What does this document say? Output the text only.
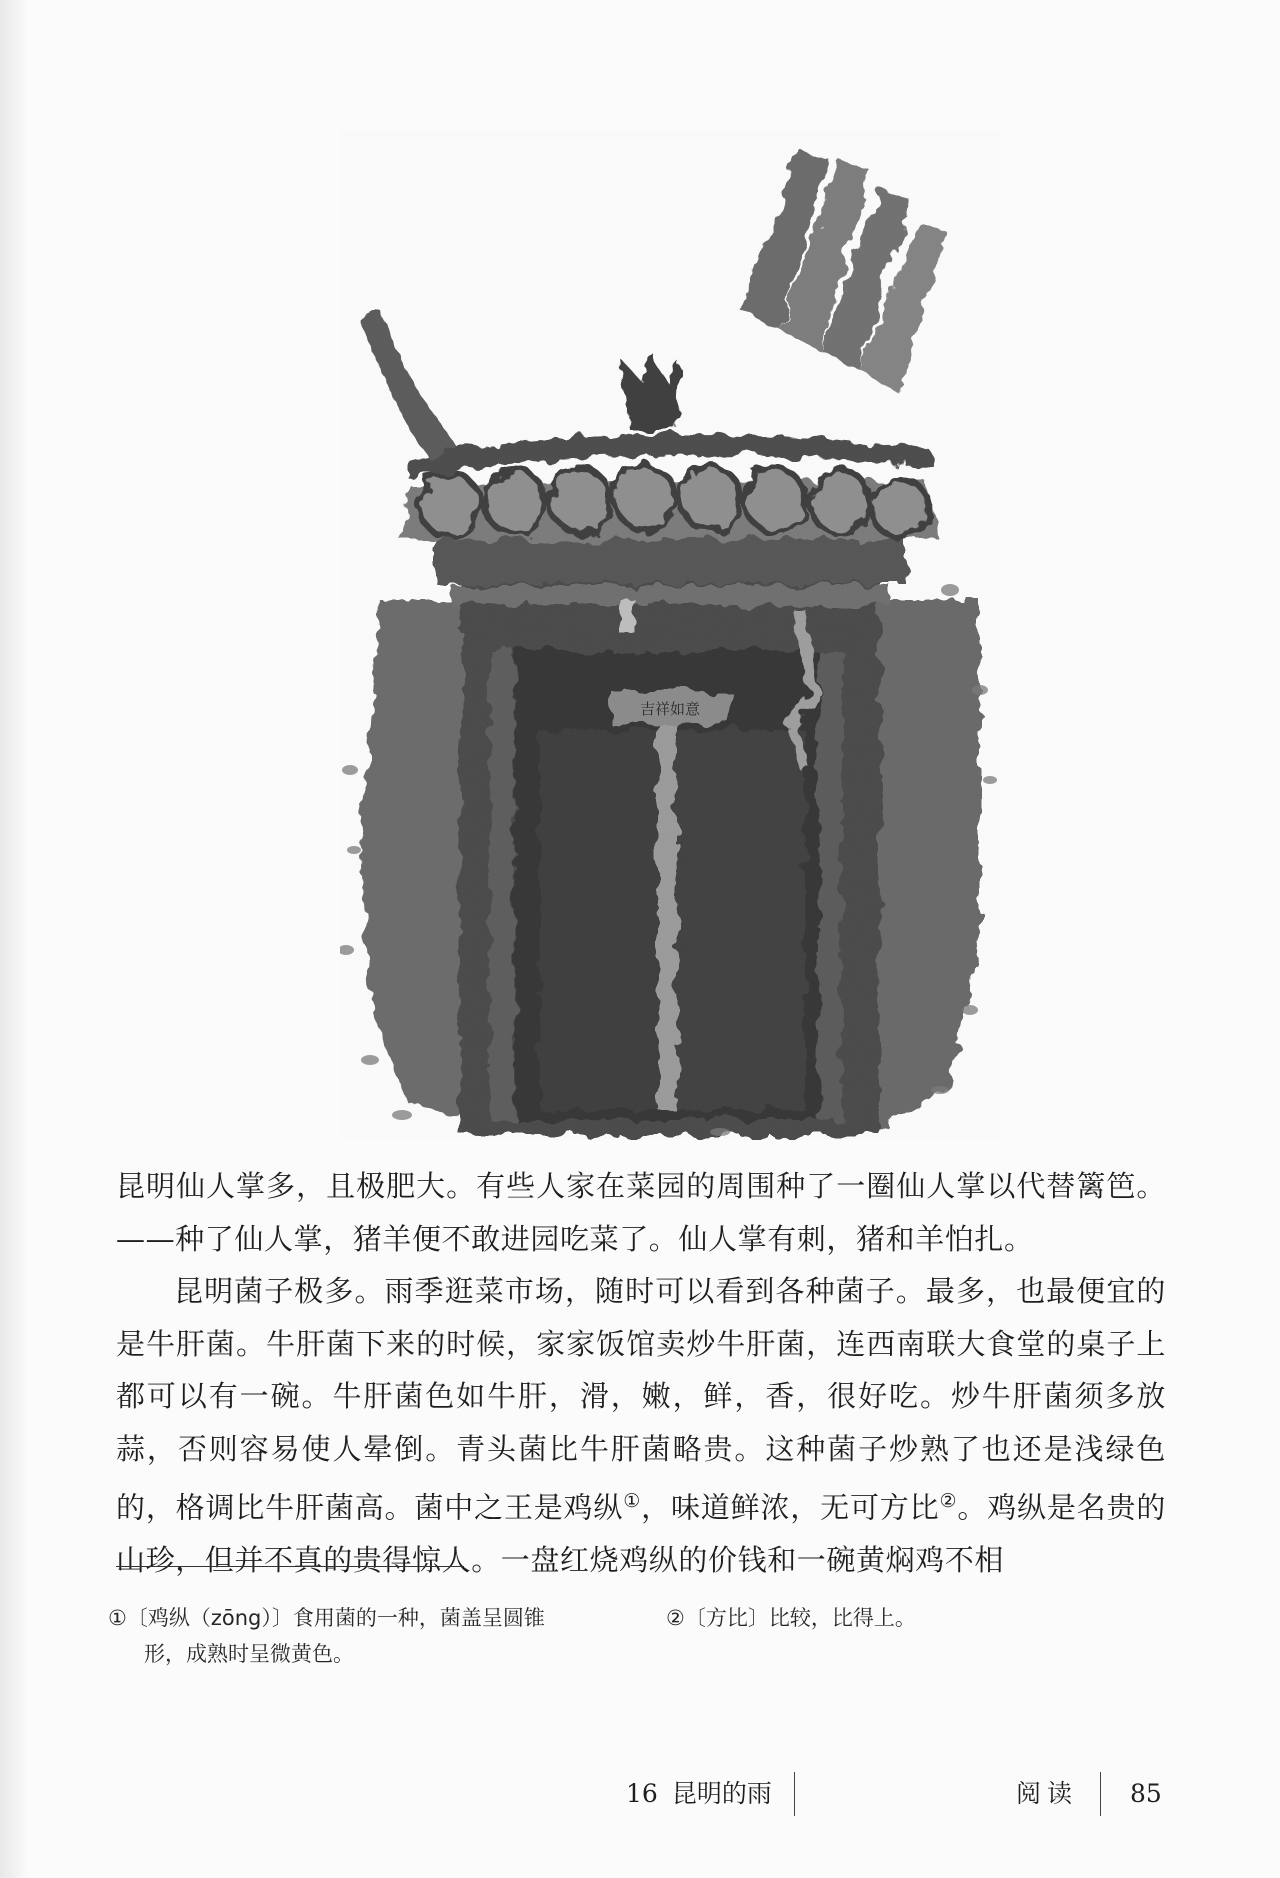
吉祥如意

昆明仙人掌多，且极肥大。有些人家在菜园的周围种了一圈仙人掌以代替篱笆。——种了仙人掌，猪羊便不敢进园吃菜了。仙人掌有刺，猪和羊怕扎。

昆明菌子极多。雨季逛菜市场，随时可以看到各种菌子。最多，也最便宜的是牛肝菌。牛肝菌下来的时候，家家饭馆卖炒牛肝菌，连西南联大食堂的桌子上都可以有一碗。牛肝菌色如牛肝，滑，嫩，鲜，香，很好吃。炒牛肝菌须多放蒜，否则容易使人晕倒。青头菌比牛肝菌略贵。这种菌子炒熟了也还是浅绿色的，格调比牛肝菌高。菌中之王是鸡纵①，味道鲜浓，无可方比②。鸡纵是名贵的山珍，但并不真的贵得惊人。一盘红烧鸡纵的价钱和一碗黄焖鸡不相

①〔鸡纵（zōng）〕食用菌的一种，菌盖呈圆锥
形，成熟时呈微黄色。
②〔方比〕比较，比得上。
16 昆明的雨	阅读 85
